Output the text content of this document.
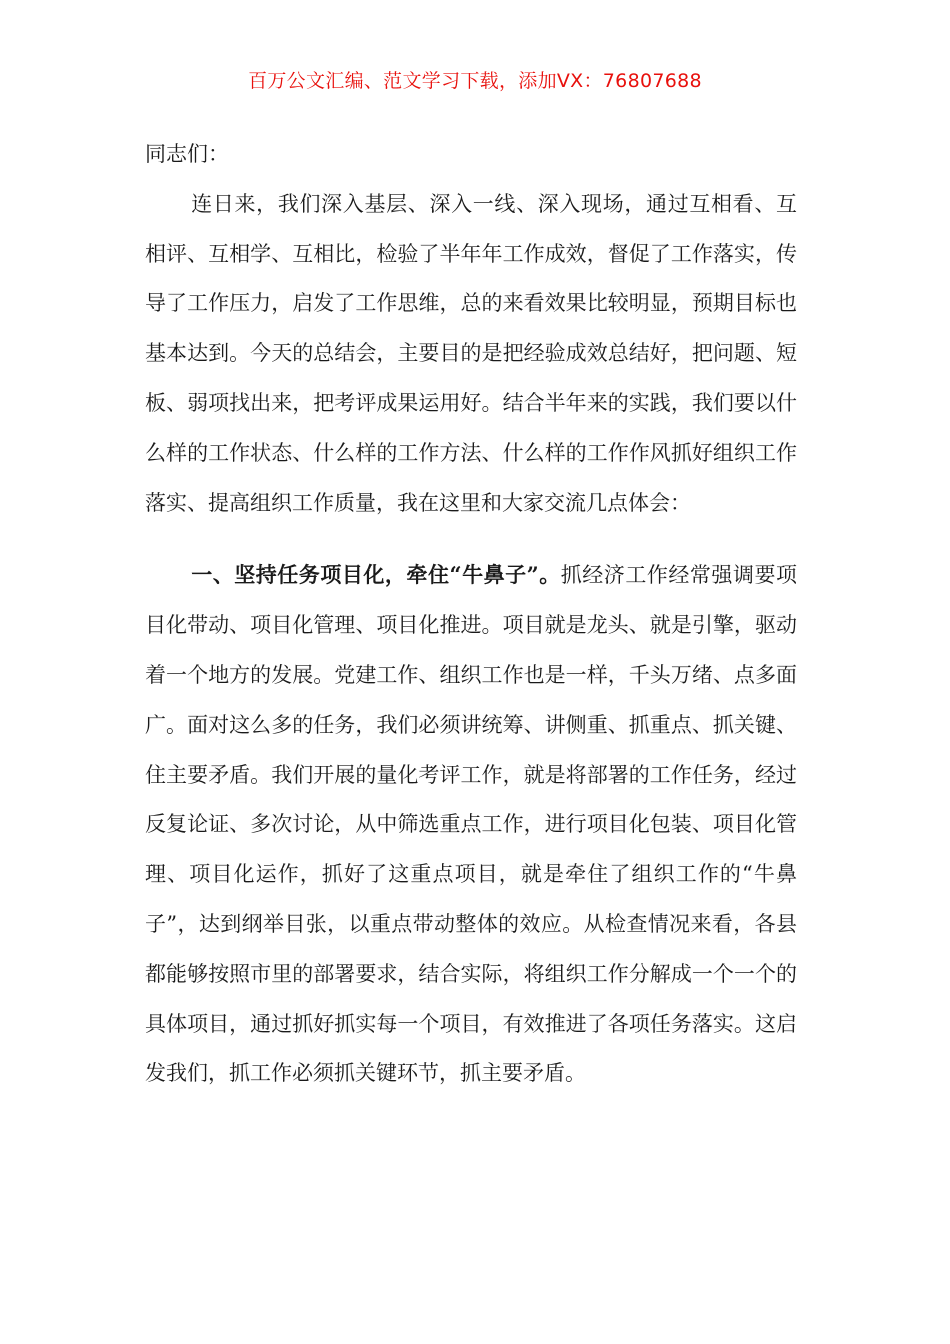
百万公文汇编、范文学习下载，添加VX：76807688

同志们：

连日来，我们深入基层、深入一线、深入现场，通过互相看、互相评、互相学、互相比，检验了半年年工作成效，督促了工作落实，传导了工作压力，启发了工作思维，总的来看效果比较明显，预期目标也基本达到。今天的总结会，主要目的是把经验成效总结好，把问题、短板、弱项找出来，把考评成果运用好。结合半年来的实践，我们要以什么样的工作状态、什么样的工作方法、什么样的工作作风抓好组织工作落实、提高组织工作质量，我在这里和大家交流几点体会：

一、坚持任务项目化，牵住“牛鼻子”。抓经济工作经常强调要项目化带动、项目化管理、项目化推进。项目就是龙头、就是引擎，驱动着一个地方的发展。党建工作、组织工作也是一样，千头万绪、点多面广。面对这么多的任务，我们必须讲统筹、讲侧重、抓重点、抓关键、住主要矛盾。我们开展的量化考评工作，就是将部署的工作任务，经过反复论证、多次讨论，从中筛选重点工作，进行项目化包装、项目化管理、项目化运作，抓好了这重点项目，就是牵住了组织工作的“牛鼻子”，达到纲举目张，以重点带动整体的效应。从检查情况来看，各县都能够按照市里的部署要求，结合实际，将组织工作分解成一个一个的具体项目，通过抓好抓实每一个项目，有效推进了各项任务落实。这启发我们，抓工作必须抓关键环节，抓主要矛盾。
